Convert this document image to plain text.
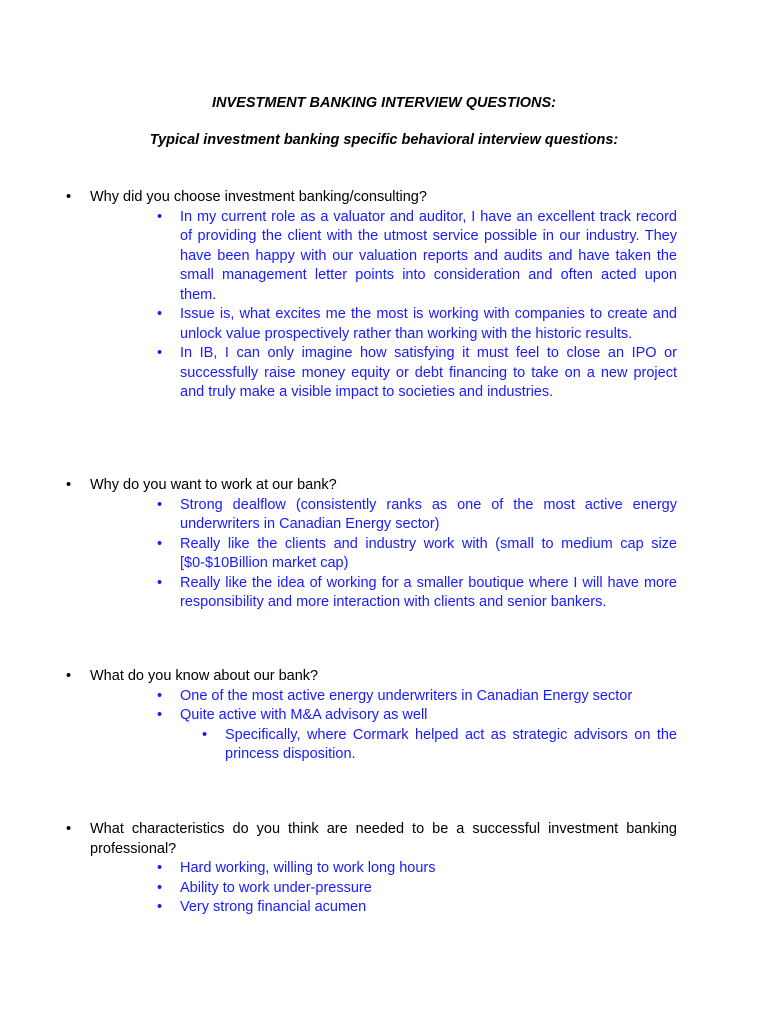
INVESTMENT BANKING INTERVIEW QUESTIONS:
Typical investment banking specific behavioral interview questions:
•	Why did you choose investment banking/consulting?
•	In my current role as a valuator and auditor, I have an excellent track record of providing the client with the utmost service possible in our industry. They have been happy with our valuation reports and audits and have taken the small management letter points into consideration and often acted upon them.
•	Issue is, what excites me the most is working with companies to create and unlock value prospectively rather than working with the historic results.
•	In IB, I can only imagine how satisfying it must feel to close an IPO or successfully raise money equity or debt financing to take on a new project and truly make a visible impact to societies and industries.
•	Why do you want to work at our bank?
•	Strong dealflow (consistently ranks as one of the most active energy underwriters in Canadian Energy sector)
•	Really like the clients and industry work with (small to medium cap size [$0-$10Billion market cap)
•	Really like the idea of working for a smaller boutique where I will have more responsibility and more interaction with clients and senior bankers.
•	What do you know about our bank?
•	One of the most active energy underwriters in Canadian Energy sector
•	Quite active with M&A advisory as well
•	Specifically, where Cormark helped act as strategic advisors on the princess disposition.
•	What characteristics do you think are needed to be a successful investment banking professional?
•	Hard working, willing to work long hours
•	Ability to work under-pressure
•	Very strong financial acumen
